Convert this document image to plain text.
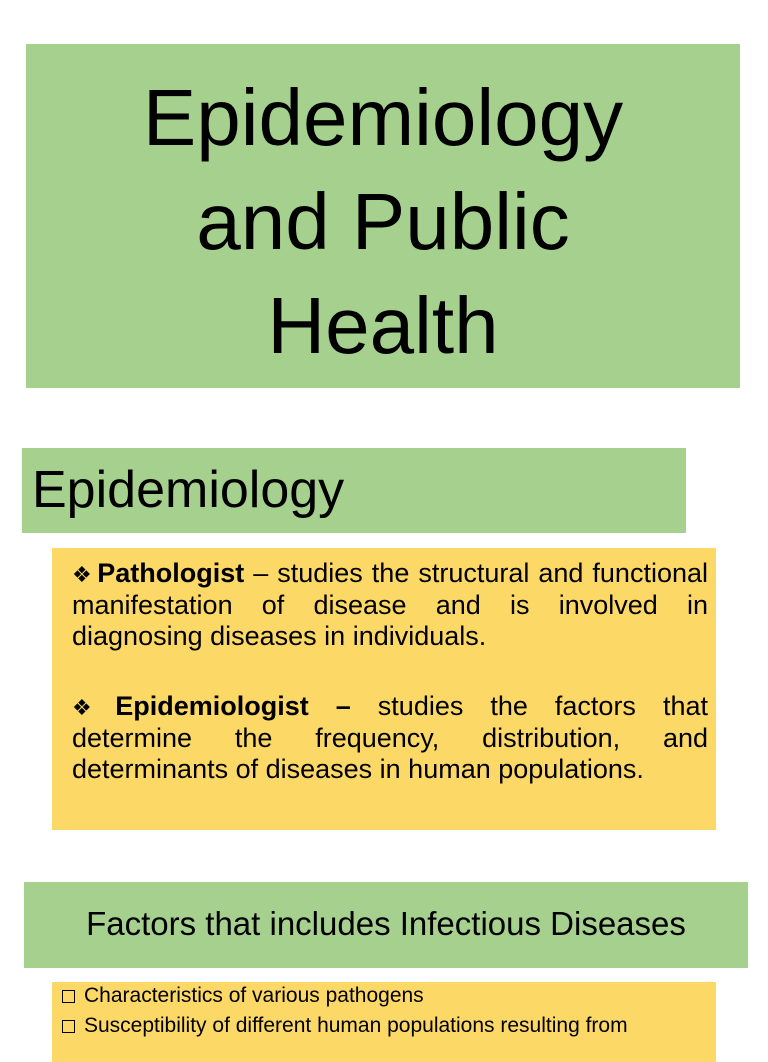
Epidemiology
and Public
Health
Epidemiology
❖ Pathologist – studies the structural and functional manifestation of disease and is involved in diagnosing diseases in individuals.
❖ Epidemiologist – studies the factors that determine the frequency, distribution, and determinants of diseases in human populations.
Factors that includes Infectious Diseases
Characteristics of various pathogens
Susceptibility of different human populations resulting from
